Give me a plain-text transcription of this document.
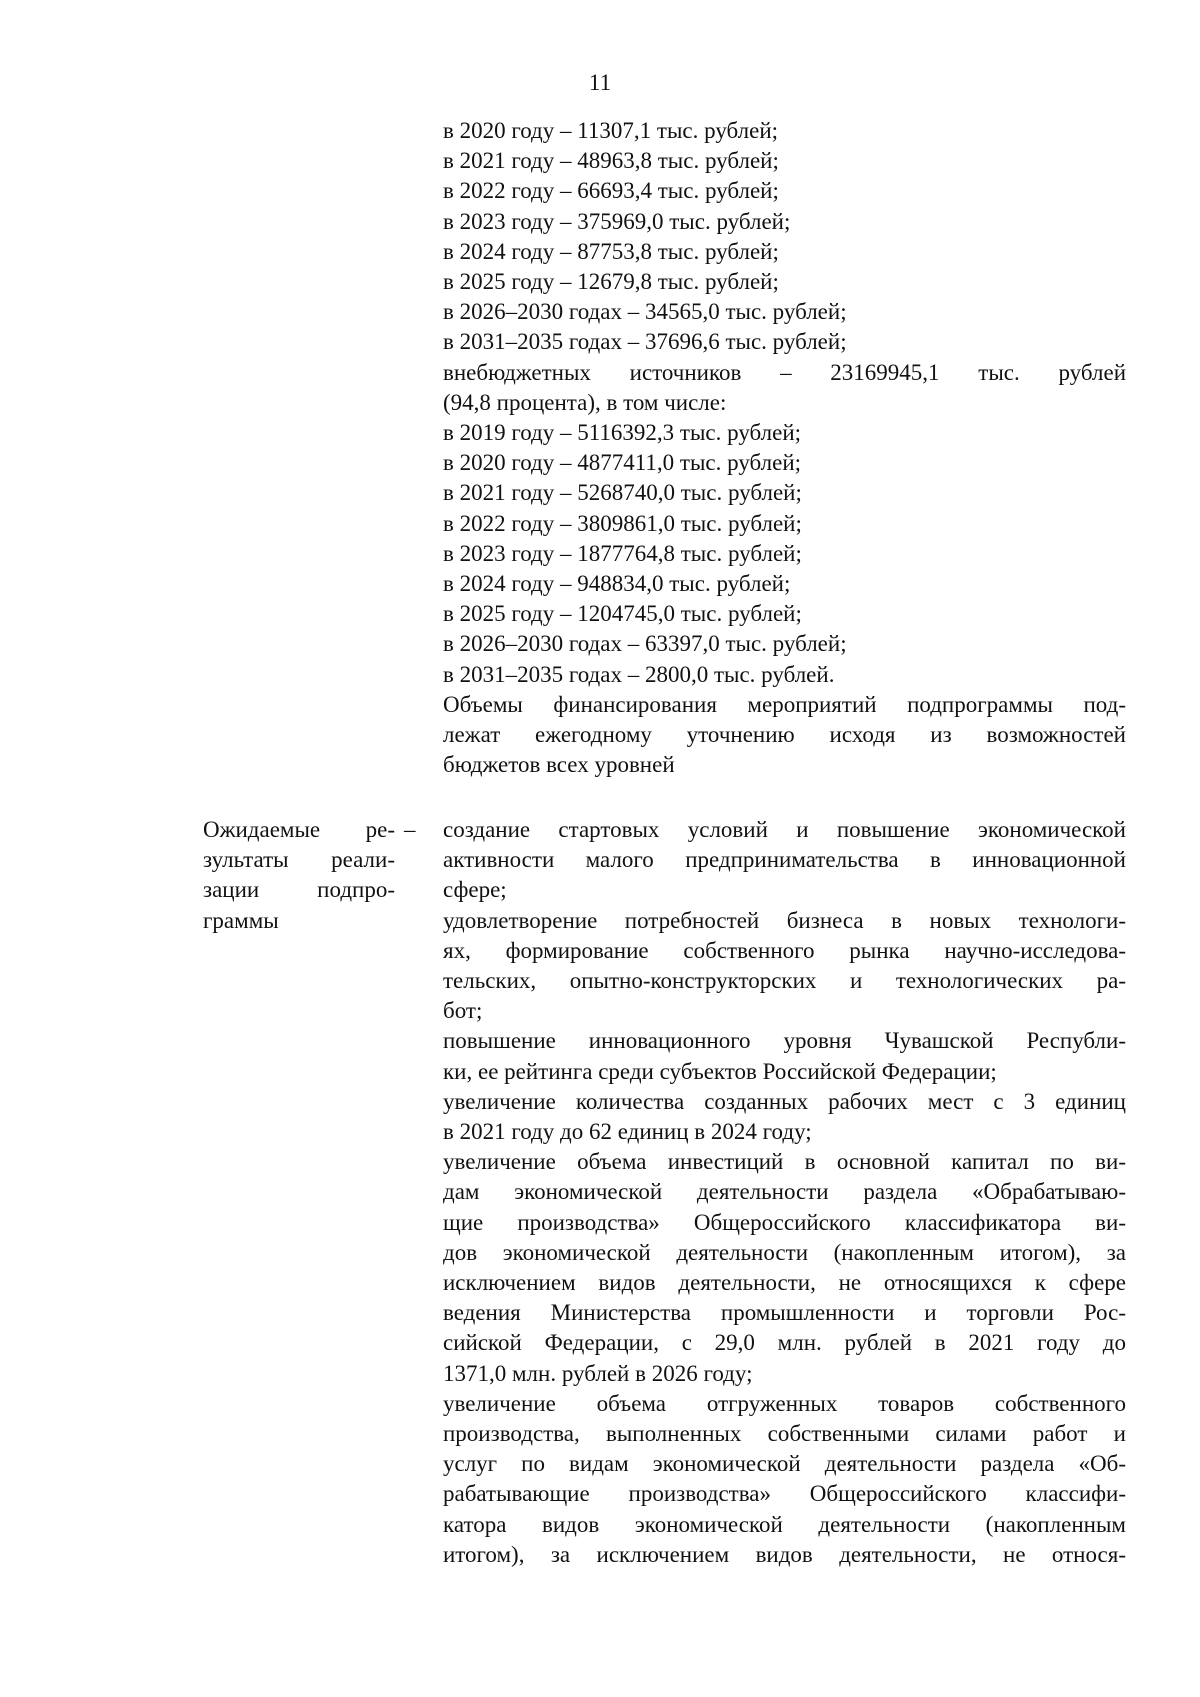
11
в 2020 году – 11307,1 тыс. рублей;
в 2021 году – 48963,8 тыс. рублей;
в 2022 году – 66693,4 тыс. рублей;
в 2023 году – 375969,0 тыс. рублей;
в 2024 году – 87753,8 тыс. рублей;
в 2025 году – 12679,8 тыс. рублей;
в 2026–2030 годах – 34565,0 тыс. рублей;
в 2031–2035 годах – 37696,6 тыс. рублей;
внебюджетных источников – 23169945,1 тыс. рублей
(94,8 процента), в том числе:
в 2019 году – 5116392,3 тыс. рублей;
в 2020 году – 4877411,0 тыс. рублей;
в 2021 году – 5268740,0 тыс. рублей;
в 2022 году – 3809861,0 тыс. рублей;
в 2023 году – 1877764,8 тыс. рублей;
в 2024 году – 948834,0 тыс. рублей;
в 2025 году – 1204745,0 тыс. рублей;
в 2026–2030 годах – 63397,0 тыс. рублей;
в 2031–2035 годах – 2800,0 тыс. рублей.
Объемы финансирования мероприятий подпрограммы под-
лежат ежегодному уточнению исходя из возможностей
бюджетов всех уровней
Ожидаемые ре-
зультаты реали-
зации подпро-
граммы
– создание стартовых условий и повышение экономической
активности малого предпринимательства в инновационной
сфере;
удовлетворение потребностей бизнеса в новых технологи-
ях, формирование собственного рынка научно-исследова-
тельских, опытно-конструкторских и технологических ра-
бот;
повышение инновационного уровня Чувашской Республи-
ки, ее рейтинга среди субъектов Российской Федерации;
увеличение количества созданных рабочих мест с 3 единиц
в 2021 году до 62 единиц в 2024 году;
увеличение объема инвестиций в основной капитал по ви-
дам экономической деятельности раздела «Обрабатываю-
щие производства» Общероссийского классификатора ви-
дов экономической деятельности (накопленным итогом), за
исключением видов деятельности, не относящихся к сфере
ведения Министерства промышленности и торговли Рос-
сийской Федерации, с 29,0 млн. рублей в 2021 году до
1371,0 млн. рублей в 2026 году;
увеличение объема отгруженных товаров собственного
производства, выполненных собственными силами работ и
услуг по видам экономической деятельности раздела «Об-
рабатывающие производства» Общероссийского классифи-
катора видов экономической деятельности (накопленным
итогом), за исключением видов деятельности, не относя-
